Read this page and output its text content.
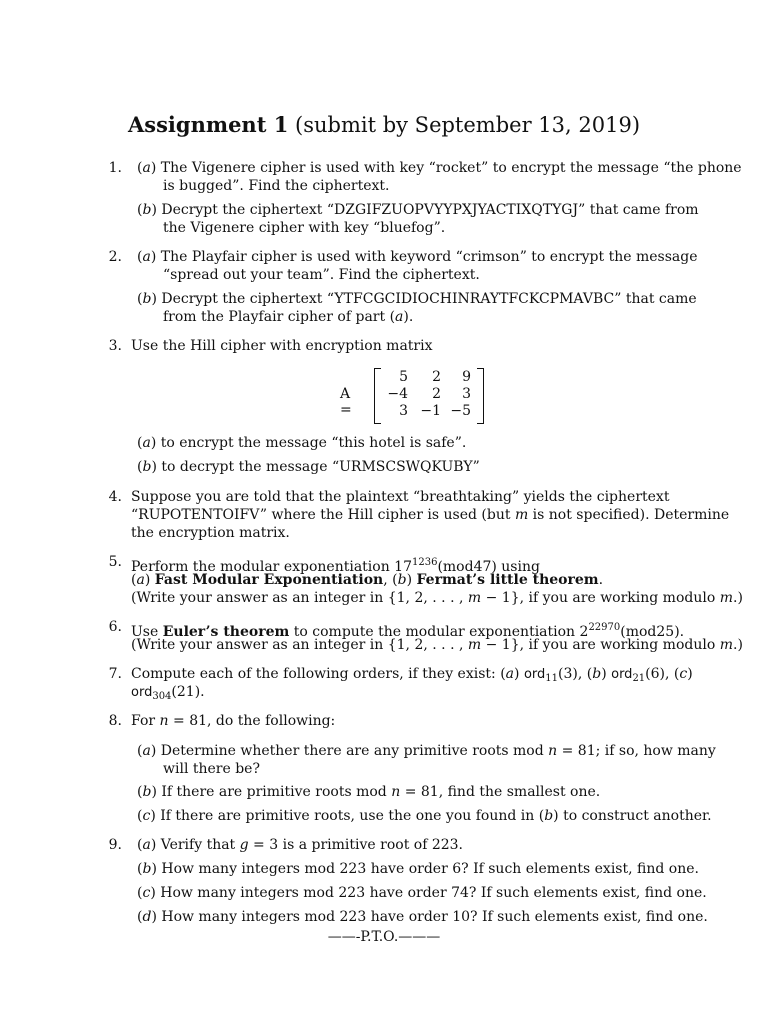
Assignment 1 (submit by September 13, 2019)
1. (a) The Vigenere cipher is used with key “rocket” to encrypt the message “the phone
is bugged”. Find the ciphertext.
(b) Decrypt the ciphertext “DZGIFZUOPVYYPXJYACTIXQTYGJ” that came from
the Vigenere cipher with key “bluefog”.
2. (a) The Playfair cipher is used with keyword “crimson” to encrypt the message
“spread out your team”. Find the ciphertext.
(b) Decrypt the ciphertext “YTFCGCIDIOCHINRAYTFCKCPMAVBC” that came
from the Playfair cipher of part (a).
3. Use the Hill cipher with encryption matrix
A =
5	2	9
−4	2	3
3 −1 −5
(a) to encrypt the message “this hotel is safe”.
(b) to decrypt the message “URMSCSWQKUBY”
4. Suppose you are told that the plaintext “breathtaking” yields the ciphertext
“RUPOTENTOIFV” where the Hill cipher is used (but m is not specified). Determine
the encryption matrix.
5. Perform the modular exponentiation $17^{1236}(mod47)$ using
(a) Fast Modular Exponentiation, (b) Fermat’s little theorem.
(Write your answer as an integer in {1, 2, . . . , m − 1}, if you are working modulo m.)
6. Use Euler’s theorem to compute the modular exponentiation $2^{22970}(mod25)$.
(Write your answer as an integer in {1, 2, . . . , m − 1}, if you are working modulo m.)
7. Compute each of the following orders, if they exist: (a) ord$_{11}$(3), (b) ord$_{21}$(6), (c)
ord$_{304}$(21).
8. For n = 81, do the following:
(a) Determine whether there are any primitive roots mod n = 81; if so, how many
will there be?
(b) If there are primitive roots mod n = 81, find the smallest one.
(c) If there are primitive roots, use the one you found in (b) to construct another.
9. (a) Verify that g = 3 is a primitive root of 223.
(b) How many integers mod 223 have order 6? If such elements exist, find one.
(c) How many integers mod 223 have order 74? If such elements exist, find one.
(d) How many integers mod 223 have order 10? If such elements exist, find one.
——-P.T.O.———
